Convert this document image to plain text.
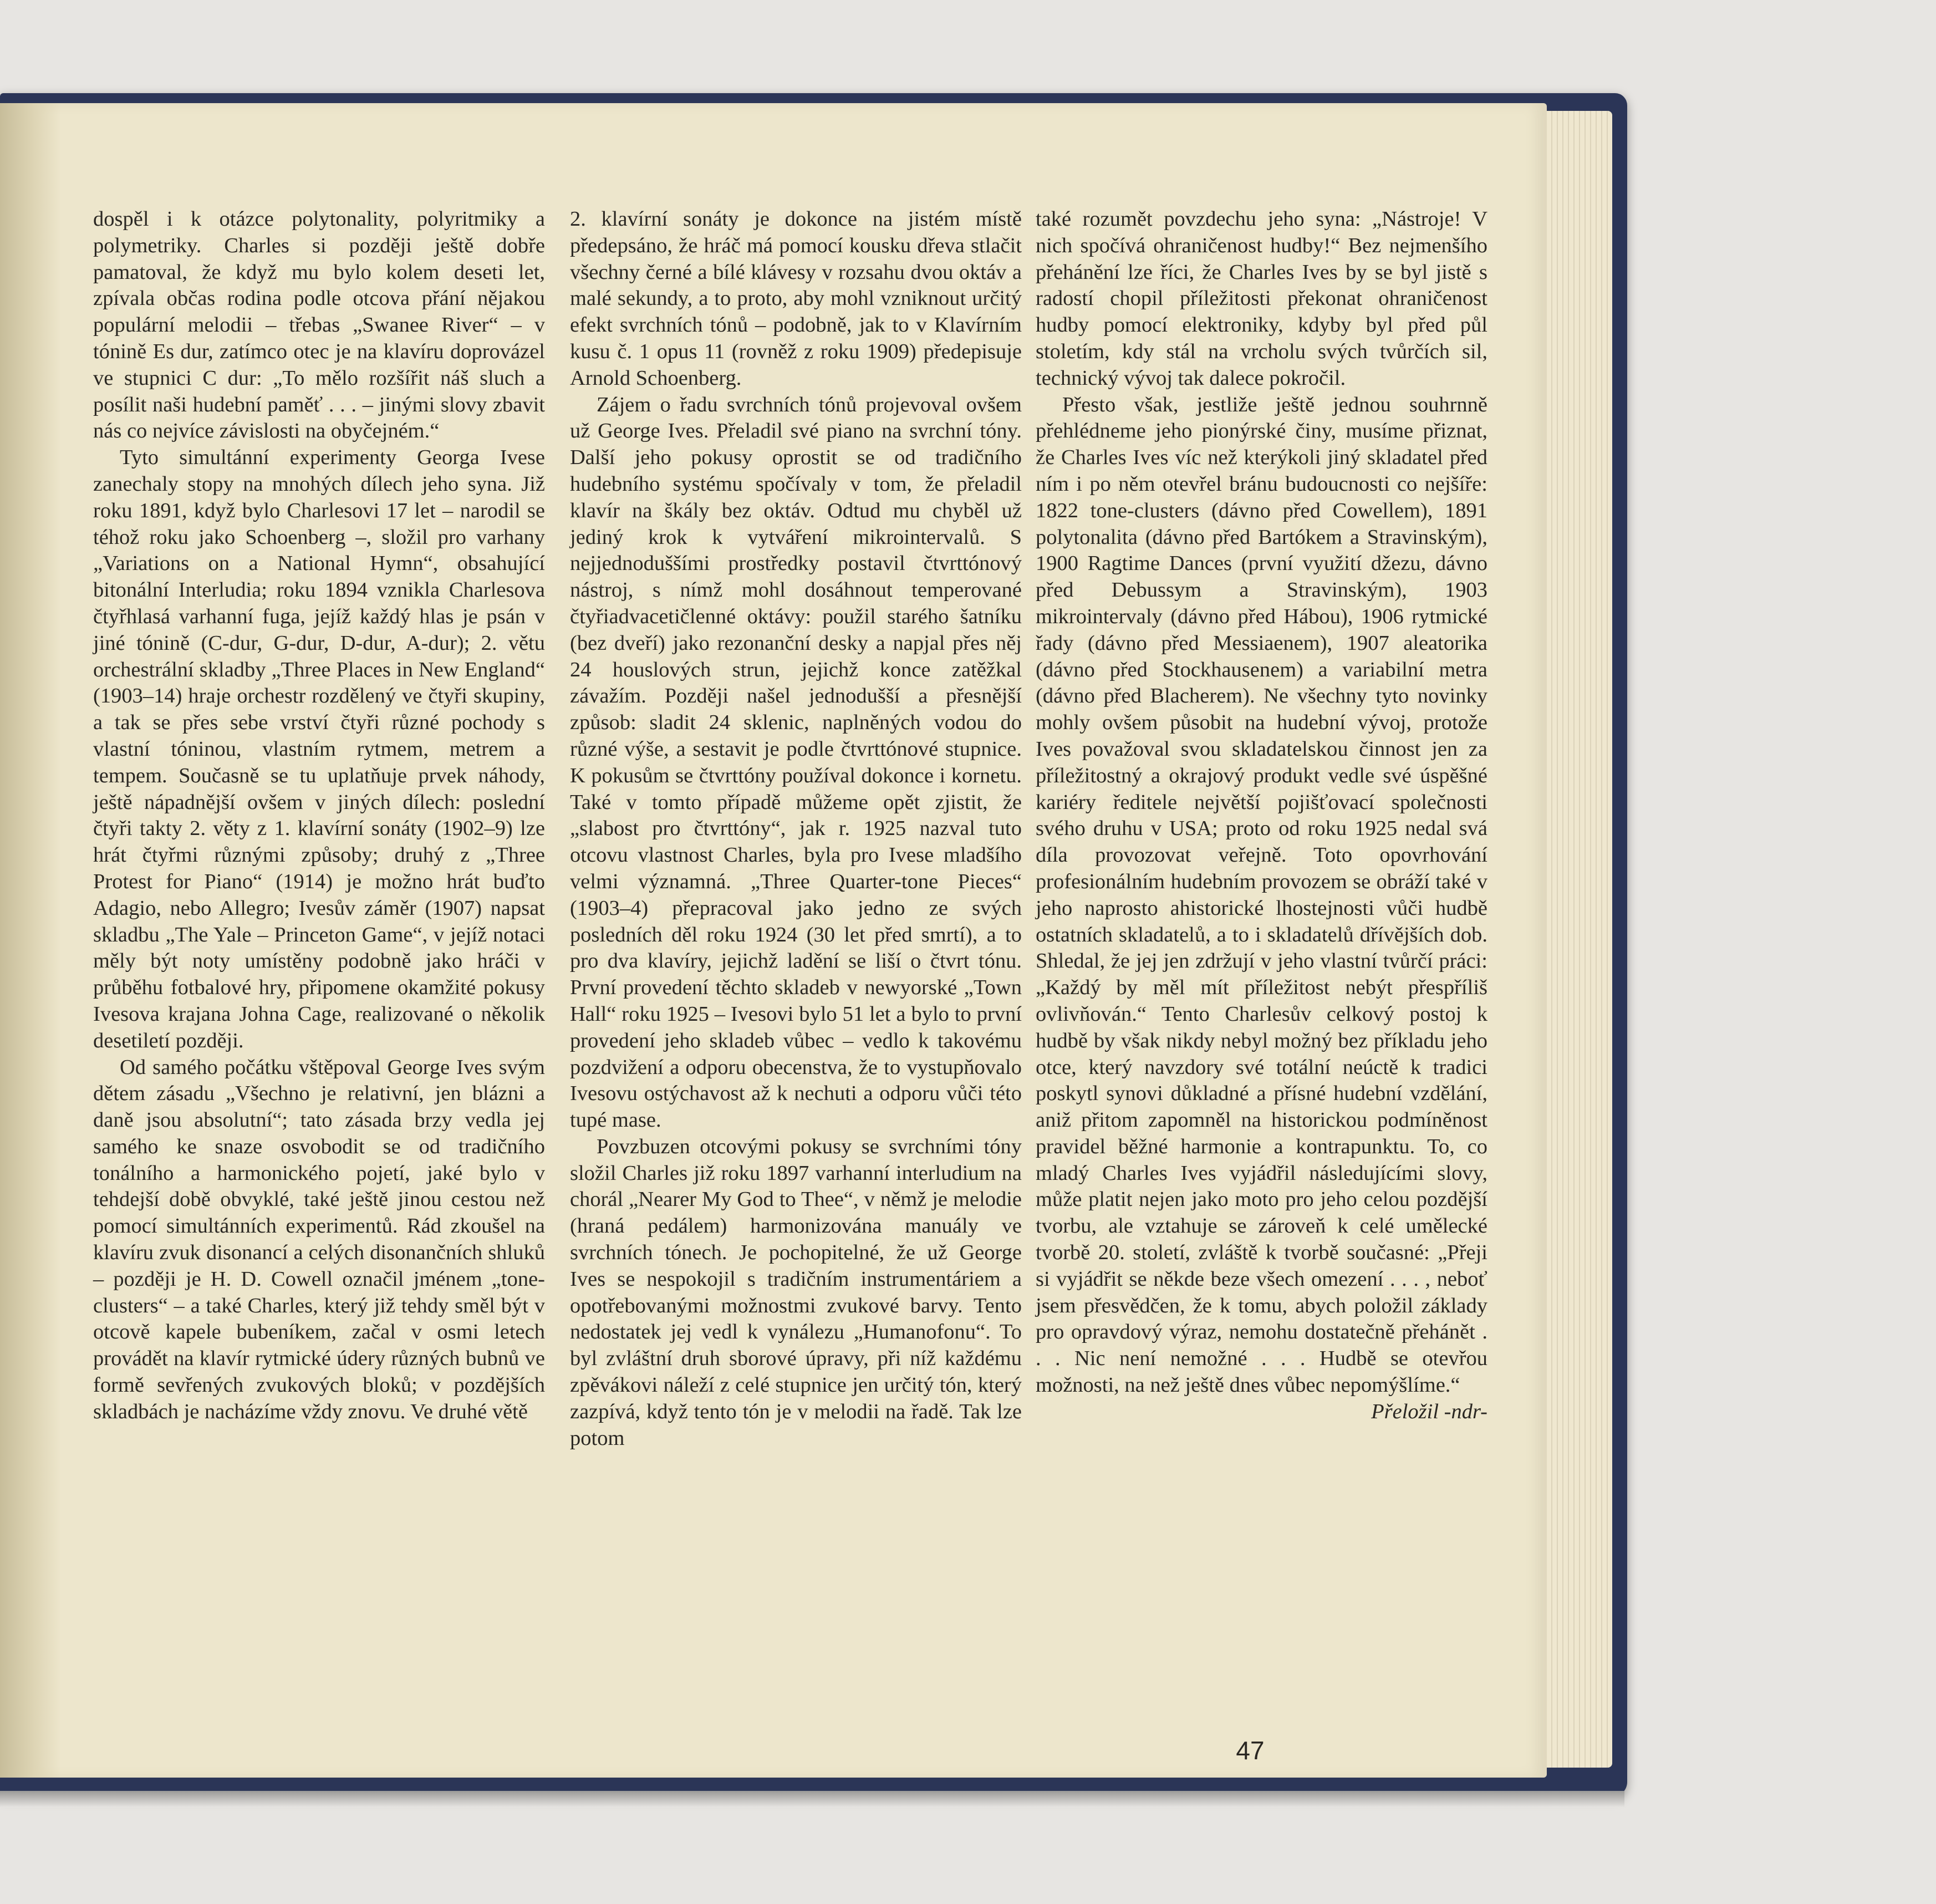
dospěl i k otázce polytonality, polyritmiky a polymetriky. Charles si později ještě dobře pamatoval, že když mu bylo kolem deseti let, zpívala občas rodina podle otcova přání nějakou populární melodii – třebas „Swanee River“ – v tónině Es dur, zatímco otec je na klavíru doprovázel ve stupnici C dur: „To mělo rozšířit náš sluch a posílit naši hudební paměť . . . – jinými slovy zbavit nás co nejvíce závislosti na obyčejném.“

Tyto simultánní experimenty Georga Ivese zanechaly stopy na mnohých dílech jeho syna. Již roku 1891, když bylo Charlesovi 17 let – narodil se téhož roku jako Schoenberg –, složil pro varhany „Variations on a National Hymn“, obsahující bitonální Interludia; roku 1894 vznikla Charlesova čtyřhlasá varhanní fuga, jejíž každý hlas je psán v jiné tónině (C-dur, G-dur, D-dur, A-dur); 2. větu orchestrální skladby „Three Places in New England“ (1903–14) hraje orchestr rozdělený ve čtyři skupiny, a tak se přes sebe vrství čtyři různé pochody s vlastní tóninou, vlastním rytmem, metrem a tempem. Současně se tu uplatňuje prvek náhody, ještě nápadnější ovšem v jiných dílech: poslední čtyři takty 2. věty z 1. klavírní sonáty (1902–9) lze hrát čtyřmi různými způsoby; druhý z „Three Protest for Piano“ (1914) je možno hrát buďto Adagio, nebo Allegro; Ivesův záměr (1907) napsat skladbu „The Yale – Princeton Game“, v jejíž notaci měly být noty umístěny podobně jako hráči v průběhu fotbalové hry, připomene okamžité pokusy Ivesova krajana Johna Cage, realizované o několik desetiletí později.

Od samého počátku vštěpoval George Ives svým dětem zásadu „Všechno je relativní, jen blázni a daně jsou absolutní“; tato zásada brzy vedla jej samého ke snaze osvobodit se od tradičního tonálního a harmonického pojetí, jaké bylo v tehdejší době obvyklé, také ještě jinou cestou než pomocí simultánních experimentů. Rád zkoušel na klavíru zvuk disonancí a celých disonančních shluků – později je H. D. Cowell označil jménem „tone-clusters“ – a také Charles, který již tehdy směl být v otcově kapele bubeníkem, začal v osmi letech provádět na klavír rytmické údery různých bubnů ve formě sevřených zvukových bloků; v pozdějších skladbách je nacházíme vždy znovu. Ve druhé větě

2. klavírní sonáty je dokonce na jistém místě předepsáno, že hráč má pomocí kousku dřeva stlačit všechny černé a bílé klávesy v rozsahu dvou oktáv a malé sekundy, a to proto, aby mohl vzniknout určitý efekt svrchních tónů – podobně, jak to v Klavírním kusu č. 1 opus 11 (rovněž z roku 1909) předepisuje Arnold Schoenberg.

Zájem o řadu svrchních tónů projevoval ovšem už George Ives. Přeladil své piano na svrchní tóny. Další jeho pokusy oprostit se od tradičního hudebního systému spočívaly v tom, že přeladil klavír na škály bez oktáv. Odtud mu chyběl už jediný krok k vytváření mikrointervalů. S nejjednoduššími prostředky postavil čtvrttónový nástroj, s nímž mohl dosáhnout temperované čtyřiadvacetičlenné oktávy: použil starého šatníku (bez dveří) jako rezonanční desky a napjal přes něj 24 houslových strun, jejichž konce zatěžkal závažím. Později našel jednodušší a přesnější způsob: sladit 24 sklenic, naplněných vodou do různé výše, a sestavit je podle čtvrttónové stupnice. K pokusům se čtvrttóny používal dokonce i kornetu. Také v tomto případě můžeme opět zjistit, že „slabost pro čtvrttóny“, jak r. 1925 nazval tuto otcovu vlastnost Charles, byla pro Ivese mladšího velmi významná. „Three Quarter-tone Pieces“ (1903–4) přepracoval jako jedno ze svých posledních děl roku 1924 (30 let před smrtí), a to pro dva klavíry, jejichž ladění se liší o čtvrt tónu. První provedení těchto skladeb v newyorské „Town Hall“ roku 1925 – Ivesovi bylo 51 let a bylo to první provedení jeho skladeb vůbec – vedlo k takovému pozdvižení a odporu obecenstva, že to vystupňovalo Ivesovu ostýchavost až k nechuti a odporu vůči této tupé mase.

Povzbuzen otcovými pokusy se svrchními tóny složil Charles již roku 1897 varhanní interludium na chorál „Nearer My God to Thee“, v němž je melodie (hraná pedálem) harmonizována manuály ve svrchních tónech. Je pochopitelné, že už George Ives se nespokojil s tradičním instrumentáriem a opotřebovanými možnostmi zvukové barvy. Tento nedostatek jej vedl k vynálezu „Humanofonu“. To byl zvláštní druh sborové úpravy, při níž každému zpěvákovi náleží z celé stupnice jen určitý tón, který zazpívá, když tento tón je v melodii na řadě. Tak lze potom

také rozumět povzdechu jeho syna: „Nástroje! V nich spočívá ohraničenost hudby!“ Bez nejmenšího přehánění lze říci, že Charles Ives by se byl jistě s radostí chopil příležitosti překonat ohraničenost hudby pomocí elektroniky, kdyby byl před půl stoletím, kdy stál na vrcholu svých tvůrčích sil, technický vývoj tak dalece pokročil.

Přesto však, jestliže ještě jednou souhrnně přehlédneme jeho pionýrské činy, musíme přiznat, že Charles Ives víc než kterýkoli jiný skladatel před ním i po něm otevřel bránu budoucnosti co nejšíře: 1822 tone-clusters (dávno před Cowellem), 1891 polytonalita (dávno před Bartókem a Stravinským), 1900 Ragtime Dances (první využití džezu, dávno před Debussym a Stravinským), 1903 mikrointervaly (dávno před Hábou), 1906 rytmické řady (dávno před Messiaenem), 1907 aleatorika (dávno před Stockhausenem) a variabilní metra (dávno před Blacherem). Ne všechny tyto novinky mohly ovšem působit na hudební vývoj, protože Ives považoval svou skladatelskou činnost jen za příležitostný a okrajový produkt vedle své úspěšné kariéry ředitele největší pojišťovací společnosti svého druhu v USA; proto od roku 1925 nedal svá díla provozovat veřejně. Toto opovrhování profesionálním hudebním provozem se obráží také v jeho naprosto ahistorické lhostejnosti vůči hudbě ostatních skladatelů, a to i skladatelů dřívějších dob. Shledal, že jej jen zdržují v jeho vlastní tvůrčí práci: „Každý by měl mít příležitost nebýt přespříliš ovlivňován.“ Tento Charlesův celkový postoj k hudbě by však nikdy nebyl možný bez příkladu jeho otce, který navzdory své totální neúctě k tradici poskytl synovi důkladné a přísné hudební vzdělání, aniž přitom zapomněl na historickou podmíněnost pravidel běžné harmonie a kontrapunktu. To, co mladý Charles Ives vyjádřil následujícími slovy, může platit nejen jako moto pro jeho celou pozdější tvorbu, ale vztahuje se zároveň k celé umělecké tvorbě 20. století, zvláště k tvorbě současné: „Přeji si vyjádřit se někde beze všech omezení . . . , neboť jsem přesvědčen, že k tomu, abych položil základy pro opravdový výraz, nemohu dostatečně přehánět . . . Nic není nemožné . . . Hudbě se otevřou možnosti, na než ještě dnes vůbec nepomýšlíme.“

Přeložil -ndr-

47
